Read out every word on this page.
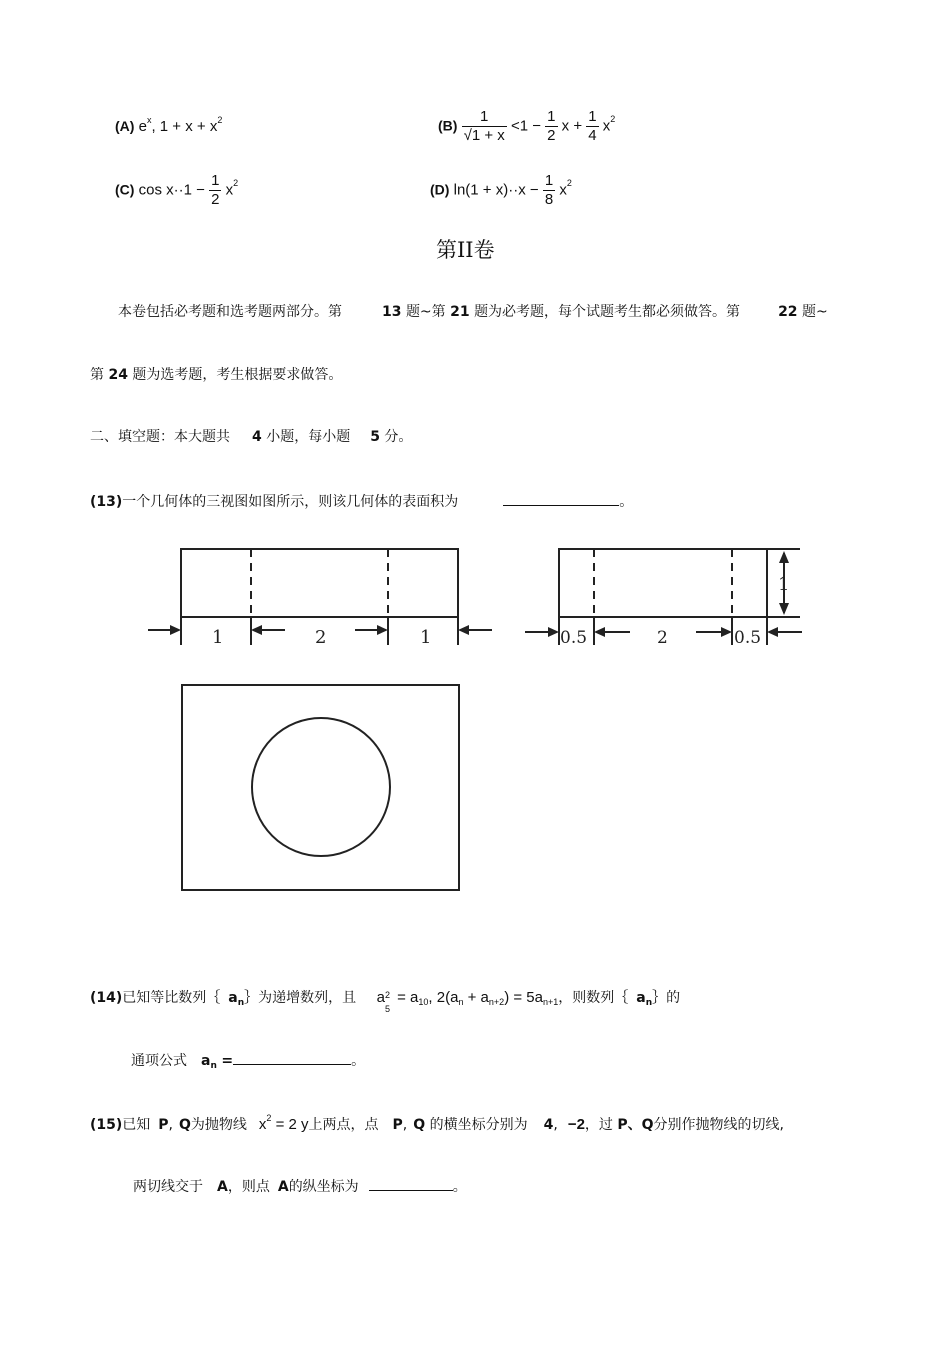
(A) $e^x$, $1 + x + x^2$	$(B) \frac{1}{√1 + x} <1 - \frac{1}{2}$ $x + \frac{1}{4} x^2$
(C) $\cos x\cdot\cdot 1 - \frac{1}{2} x^2$	(D) $\ln(1 + x)\cdot\cdot x - \frac{1}{8} x^2$
第II卷
本卷包括必考题和选考题两部分。第	13 题~第 21 题为必考题，每个试题考生都必须做答。第	22 题~
第 24 题为选考题，考生根据要求做答。
二、填空题：本大题共 4 小题，每小题 5 分。
(13)一个几何体的三视图如图所示，则该几何体的表面积为	。
1	2	1	0.5	2	0.5
1
(14)已知等比数列｛ $a_n\}$为递增数列，且 a 2
5
= $a_{10}$, $2(a_n + a_{n+2}) = 5a_{n+1}$，则数列｛ $a_n\}$的
通项公式 $a_n$ =	。
(15)已知 P, Q为抛物线 $x^2 = 2$ y上两点，点 P, Q 的横坐标分别为 4, −2，过 P、Q分别作抛物线的切线,
两切线交于 A，则点 A的纵坐标为	。
